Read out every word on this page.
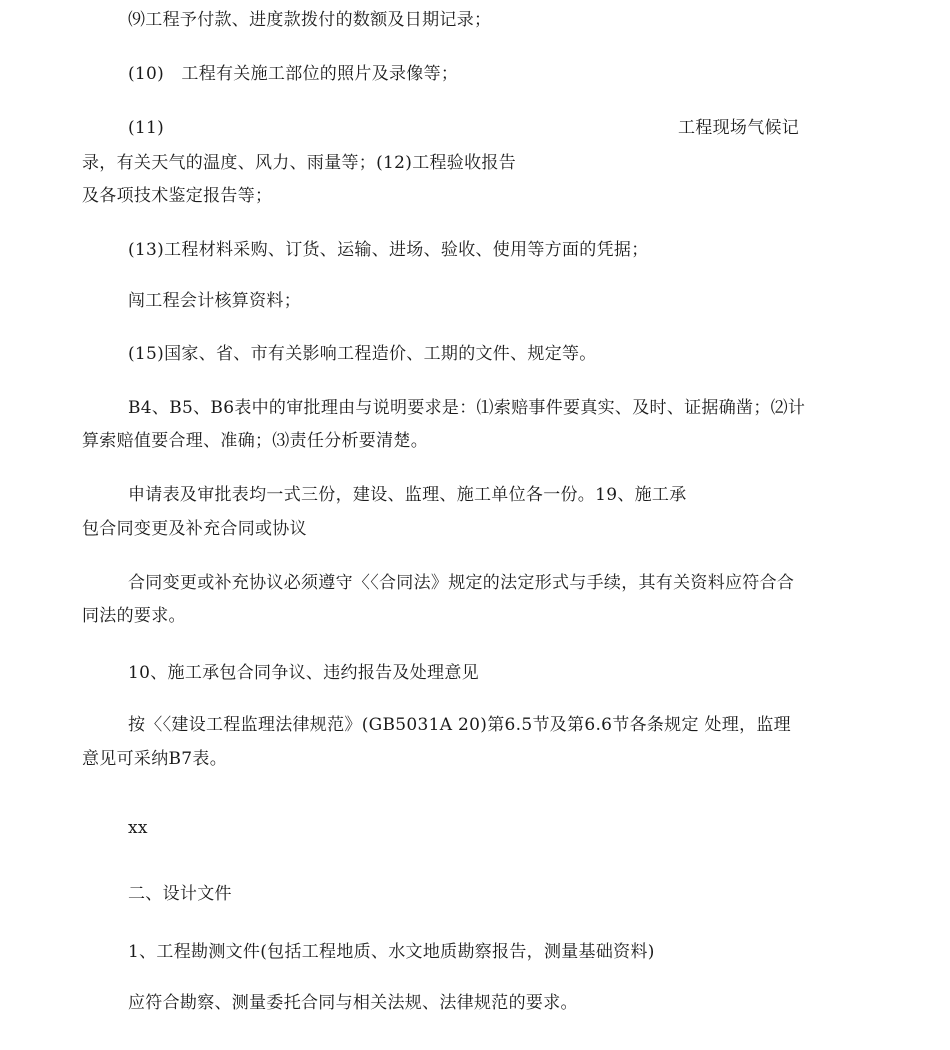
⑼工程予付款、进度款拨付的数额及日期记录；
(10)　工程有关施工部位的照片及录像等；
(11)	工程现场气候记
录，有关天气的温度、风力、雨量等；(12)工程验收报告
及各项技术鉴定报告等；
(13)工程材料采购、订货、运输、进场、验收、使用等方面的凭据；
闯工程会计核算资料；
(15)国家、省、市有关影响工程造价、工期的文件、规定等。
B4、B5、B6表中的审批理由与说明要求是：⑴索赔事件要真实、及时、证据确凿；⑵计
算索赔值要合理、准确；⑶责任分析要清楚。
申请表及审批表均一式三份，建设、监理、施工单位各一份。19、施工承
包合同变更及补充合同或协议
合同变更或补充协议必须遵守〈〈合同法》规定的法定形式与手续，其有关资料应符合合
同法的要求。
10、施工承包合同争议、违约报告及处理意见
按〈〈建设工程监理法律规范》(GB5031A 20)第6.5节及第6.6节各条规定 处理，监理
意见可采纳B7表。
xx
二、设计文件
1、工程勘测文件(包括工程地质、水文地质勘察报告，测量基础资料)
应符合勘察、测量委托合同与相关法规、法律规范的要求。
